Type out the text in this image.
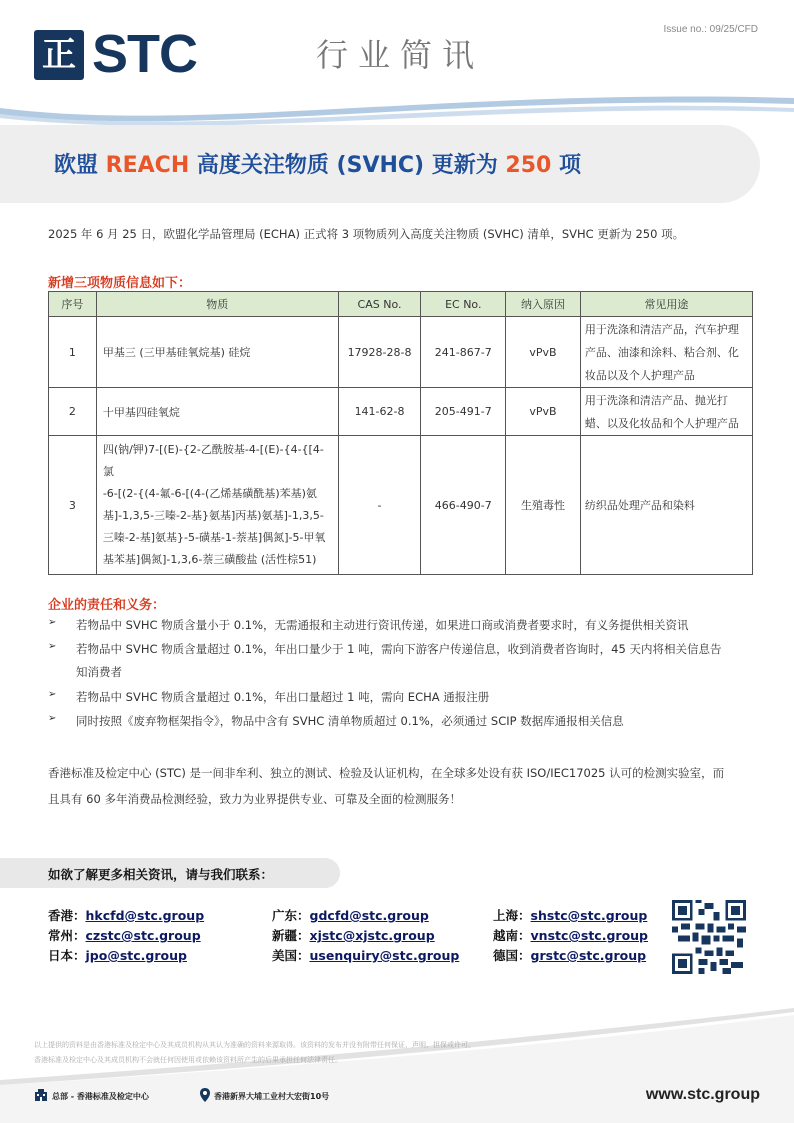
Issue no.: 09/25/CFD
正 STC	行业简讯
欧盟 REACH 高度关注物质 (SVHC) 更新为 250 项
2025 年 6 月 25 日，欧盟化学品管理局 (ECHA) 正式将 3 项物质列入高度关注物质 (SVHC) 清单，SVHC 更新为 250 项。
新增三项物质信息如下：
序号	物质	CAS No.	EC No.	纳入原因	常见用途
1	甲基三 (三甲基硅氧烷基) 硅烷	17928-28-8	241-867-7	vPvB	用于洗涤和清洁产品，汽车护理
产品、油漆和涂料、粘合剂、化
妆品以及个人护理产品

2	十甲基四硅氧烷	141-62-8	205-491-7	vPvB	用于洗涤和清洁产品、抛光打
蜡、以及化妆品和个人护理产品

3	四(钠/钾)7-[(E)-{2-乙酰胺基-4-[(E)-{4-{[4-氯
-6-[(2-{(4-氟-6-[(4-(乙烯基磺酰基)苯基)氨
基]-1,3,5-三嗪-2-基}氨基]丙基)氨基]-1,3,5-
三嗪-2-基]氨基}-5-磺基-1-萘基]偶氮]-5-甲氧
基苯基]偶氮]-1,3,6-萘三磺酸盐 (活性棕51)	-	466-490-7	生殖毒性	纺织品处理产品和染料
企业的责任和义务：
➢ 若物品中 SVHC 物质含量小于 0.1%，无需通报和主动进行资讯传递，如果进口商或消费者要求时，有义务提供相关资讯
➢ 若物品中 SVHC 物质含量超过 0.1%，年出口量少于 1 吨，需向下游客户传递信息，收到消费者咨询时，45 天内将相关信息告
知消费者
➢ 若物品中 SVHC 物质含量超过 0.1%，年出口量超过 1 吨，需向 ECHA 通报注册
➢ 同时按照《废弃物框架指令》，物品中含有 SVHC 清单物质超过 0.1%，必须通过 SCIP 数据库通报相关信息
香港标准及检定中心 (STC) 是一间非牟利、独立的测试、检验及认证机构，在全球多处设有获 ISO/IEC17025 认可的检测实验室，而
且具有 60 多年消费品检测经验，致力为业界提供专业、可靠及全面的检测服务！
如欲了解更多相关资讯，请与我们联系：
香港：hkcfd@stc.group	广东：gdcfd@stc.group	上海：shstc@stc.group
常州：czstc@stc.group	新疆：xjstc@xjstc.group	越南：vnstc@stc.group
日本：jpo@stc.group	美国：usenquiry@stc.group	德国：grstc@stc.group
以上提供的资料是由香港标准及检定中心及其成员机构从其认为准确的资料来源取得。该资料的发布并没有附带任何保证、声明、担保或许可。
香港标准及检定中心及其成员机构不会就任何因使用或依赖该资料所产生的后果承担任何法律责任。
总部 - 香港标准及检定中心	香港新界大埔工业村大宏街10号	www.stc.group
